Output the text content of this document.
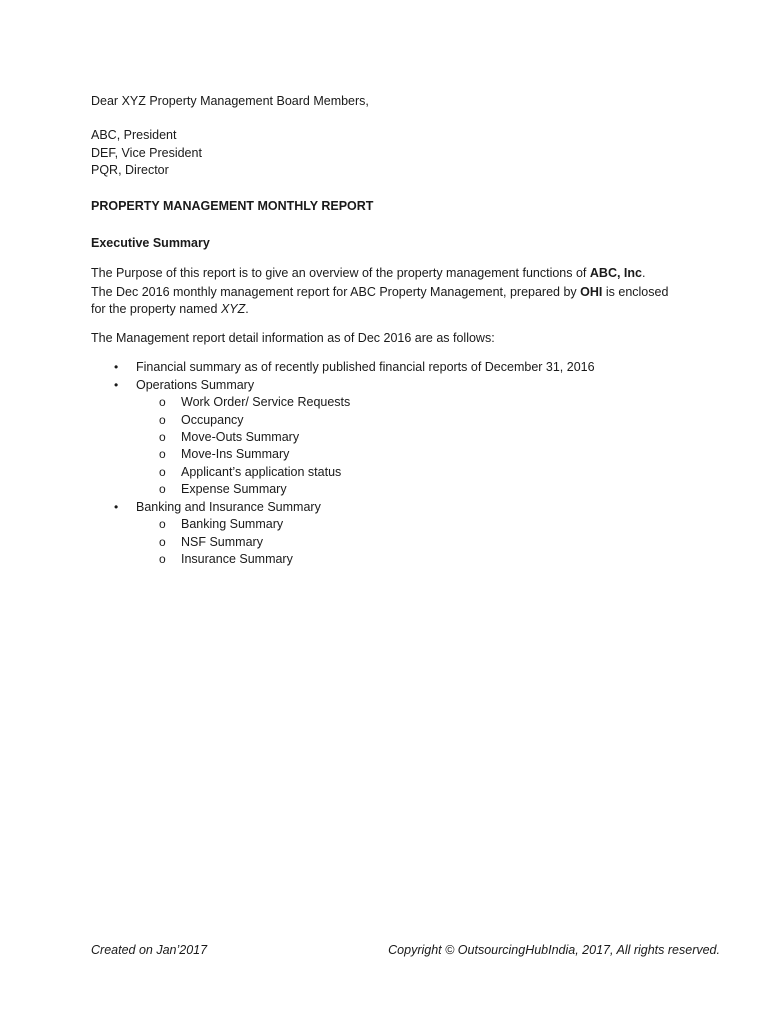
Dear XYZ Property Management Board Members,
ABC, President
DEF, Vice President
PQR, Director
PROPERTY MANAGEMENT MONTHLY REPORT
Executive Summary
The Purpose of this report is to give an overview of the property management functions of ABC, Inc.
The Dec 2016 monthly management report for ABC Property Management, prepared by OHI is enclosed
for the property named XYZ.
The Management report detail information as of Dec 2016 are as follows:
• Financial summary as of recently published financial reports of December 31, 2016
• Operations Summary
o Work Order/ Service Requests
o Occupancy
o Move-Outs Summary
o Move-Ins Summary
o Applicant’s application status
o Expense Summary
• Banking and Insurance Summary
o Banking Summary
o NSF Summary
o Insurance Summary
Created on Jan’2017	Copyright © OutsourcingHubIndia, 2017, All rights reserved.
